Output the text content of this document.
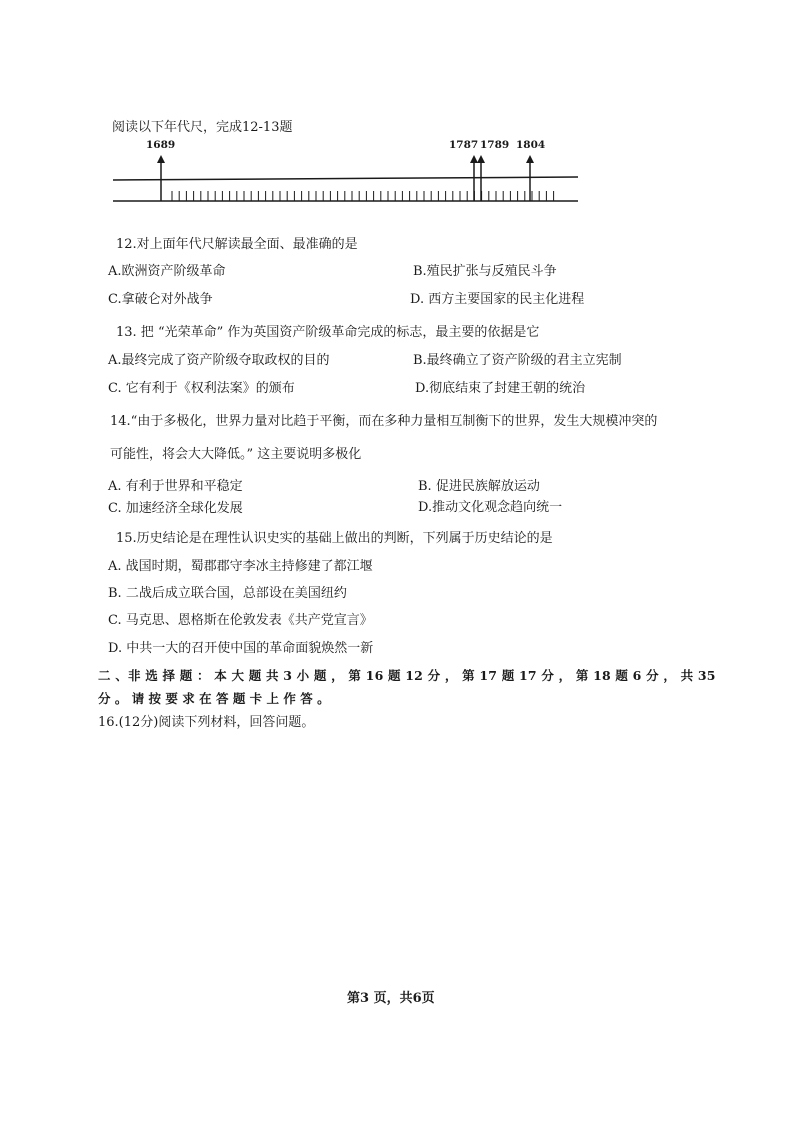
阅读以下年代尺，完成12-13题
1689	1787 1789 1804
12.对上面年代尺解读最全面、最准确的是
A.欧洲资产阶级革命	B.殖民扩张与反殖民斗争
C.拿破仑对外战争	D. 西方主要国家的民主化进程
13. 把 “光荣革命” 作为英国资产阶级革命完成的标志，最主要的依据是它
A.最终完成了资产阶级夺取政权的目的	B.最终确立了资产阶级的君主立宪制
C. 它有利于《权利法案》的颁布	D.彻底结束了封建王朝的统治
14.“由于多极化，世界力量对比趋于平衡，而在多种力量相互制衡下的世界，发生大规模冲突的
可能性，将会大大降低。” 这主要说明多极化
A. 有利于世界和平稳定	B. 促进民族解放运动
C. 加速经济全球化发展	D.推动文化观念趋向统一
15.历史结论是在理性认识史实的基础上做出的判断，下列属于历史结论的是
A. 战国时期，蜀郡郡守李冰主持修建了都江堰
B. 二战后成立联合国，总部设在美国纽约
C. 马克思、恩格斯在伦敦发表《共产党宣言》
D. 中共一大的召开使中国的革命面貌焕然一新
二 、非 选 择 题 ： 本 大 题 共 3 小 题 ， 第 16 题 12 分 ， 第 17 题 17 分 ， 第 18 题 6 分 ， 共 35
分 。 请 按 要 求 在 答 题 卡 上 作 答 。
16.(12分)阅读下列材料，回答问题。
第3 页，共6页
